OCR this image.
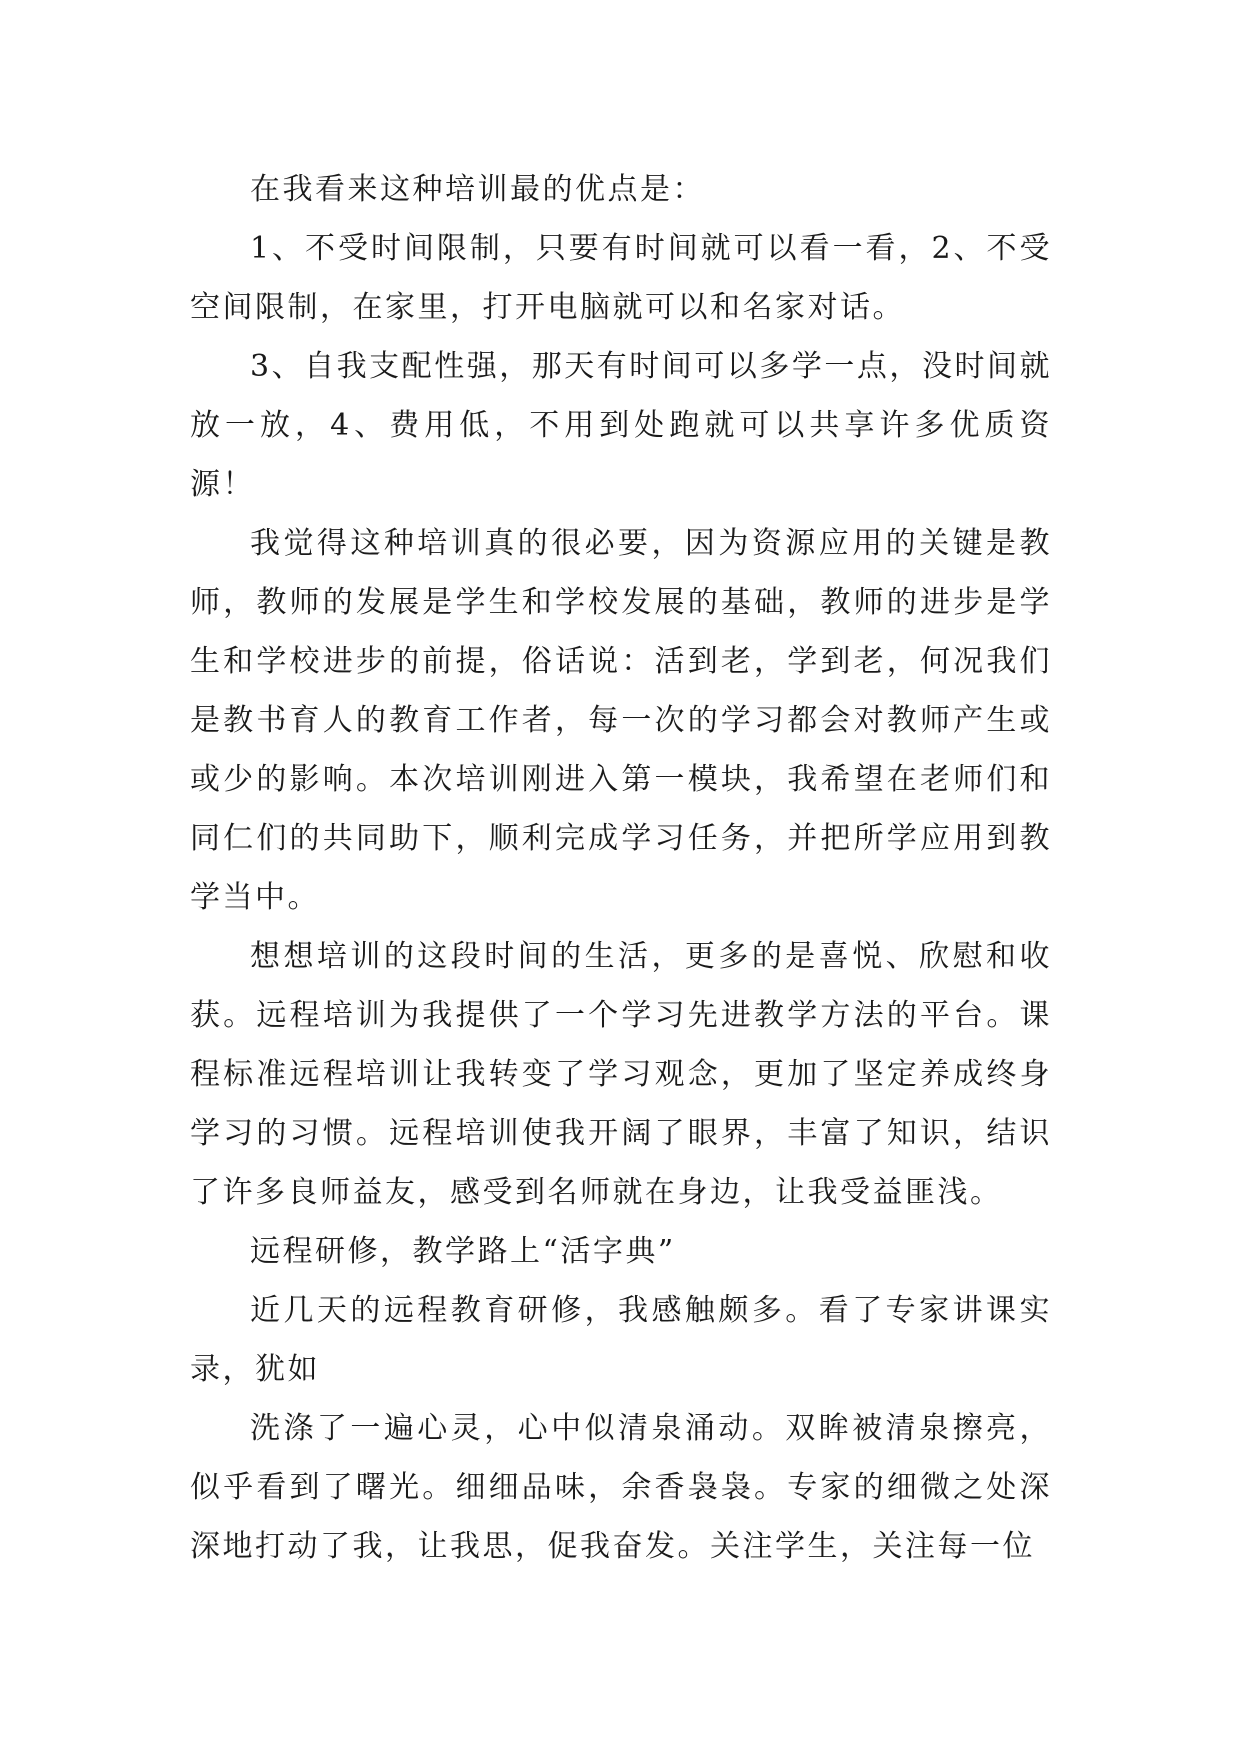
在我看来这种培训最的优点是：

1、不受时间限制，只要有时间就可以看一看，2、不受空间限制，在家里，打开电脑就可以和名家对话。

3、自我支配性强，那天有时间可以多学一点，没时间就放一放，4、费用低，不用到处跑就可以共享许多优质资源！

我觉得这种培训真的很必要，因为资源应用的关键是教师，教师的发展是学生和学校发展的基础，教师的进步是学生和学校进步的前提，俗话说：活到老，学到老，何况我们是教书育人的教育工作者，每一次的学习都会对教师产生或或少的影响。本次培训刚进入第一模块，我希望在老师们和同仁们的共同助下，顺利完成学习任务，并把所学应用到教学当中。

想想培训的这段时间的生活，更多的是喜悦、欣慰和收获。远程培训为我提供了一个学习先进教学方法的平台。课程标准远程培训让我转变了学习观念，更加了坚定养成终身学习的习惯。远程培训使我开阔了眼界，丰富了知识，结识了许多良师益友，感受到名师就在身边，让我受益匪浅。

远程研修，教学路上“活字典”

近几天的远程教育研修，我感触颇多。看了专家讲课实录，犹如

洗涤了一遍心灵，心中似清泉涌动。双眸被清泉擦亮，似乎看到了曙光。细细品味，余香袅袅。专家的细微之处深深地打动了我，让我思，促我奋发。关注学生，关注每一位
